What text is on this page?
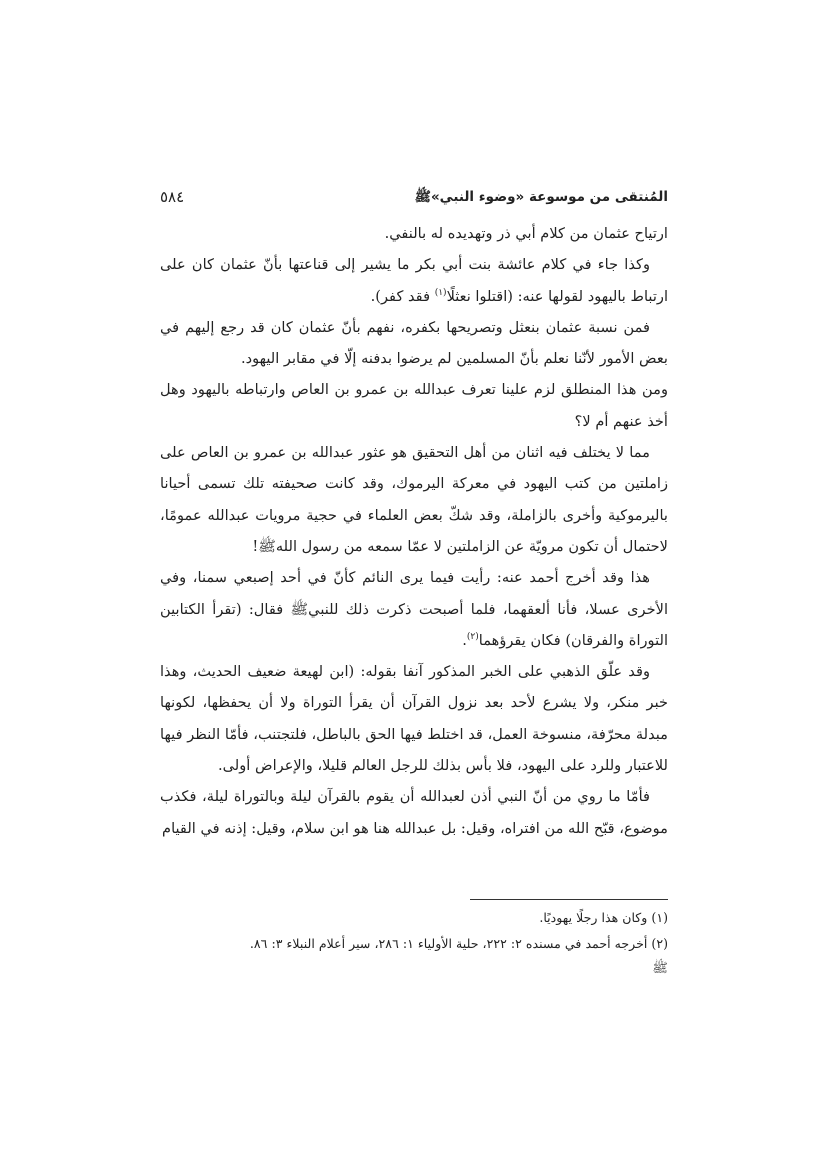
المُنتقى من موسوعة «وضوء النبي»ﷺ
٥٨٤

ارتياح عثمان من كلام أبي ذر وتهديده له بالنفي.

وكذا جاء في كلام عائشة بنت أبي بكر ما يشير إلى قناعتها بأنّ عثمان كان على ارتباط باليهود لقولها عنه: (اقتلوا نعثلًا$^{(١)}$ فقد كفر).

فمن نسبة عثمان بنعثل وتصريحها بكفره، نفهم بأنّ عثمان كان قد رجع إليهم في بعض الأمور لأنّنا نعلم بأنّ المسلمين لم يرضوا بدفنه إلّا في مقابر اليهود.

ومن هذا المنطلق لزم علينا تعرف عبدالله بن عمرو بن العاص وارتباطه باليهود وهل أخذ عنهم أم لا؟

مما لا يختلف فيه اثنان من أهل التحقيق هو عثور عبدالله بن عمرو بن العاص على زاملتين من كتب اليهود في معركة اليرموك، وقد كانت صحيفته تلك تسمى أحيانا باليرموكية وأخرى بالزاملة، وقد شكّ بعض العلماء في حجية مرويات عبدالله عمومًا، لاحتمال أن تكون مرويّة عن الزاملتين لا عمّا سمعه من رسول اللهﷺ!

هذا وقد أخرج أحمد عنه: رأيت فيما يرى النائم كأنّ في أحد إصبعي سمنا، وفي الأخرى عسلا، فأنا ألعقهما، فلما أصبحت ذكرت ذلك للنبيﷺ فقال: (تقرأ الكتابين التوراة والفرقان) فكان يقرؤهما$^{(٢)}$.

وقد علّق الذهبي على الخبر المذكور آنفا بقوله: (ابن لهيعة ضعيف الحديث، وهذا خبر منكر، ولا يشرع لأحد بعد نزول القرآن أن يقرأ التوراة ولا أن يحفظها، لكونها مبدلة محرّفة، منسوخة العمل، قد اختلط فيها الحق بالباطل، فلتجتنب، فأمّا النظر فيها للاعتبار وللرد على اليهود، فلا بأس بذلك للرجل العالم قليلا، والإعراض أولى.

فأمّا ما روي من أنّ النبي أذن لعبدالله أن يقوم بالقرآن ليلة وبالتوراة ليلة، فكذب موضوع، قبّح الله من افتراه، وقيل: بل عبدالله هنا هو ابن سلام، وقيل: إذنه في القيام

(١) وكان هذا رجلًا يهوديًا.
(٢) أخرجه أحمد في مسنده ٢: ٢٢٢، حلية الأولياء ١: ٢٨٦، سير أعلام النبلاء ٣: ٨٦.
ﷺ
